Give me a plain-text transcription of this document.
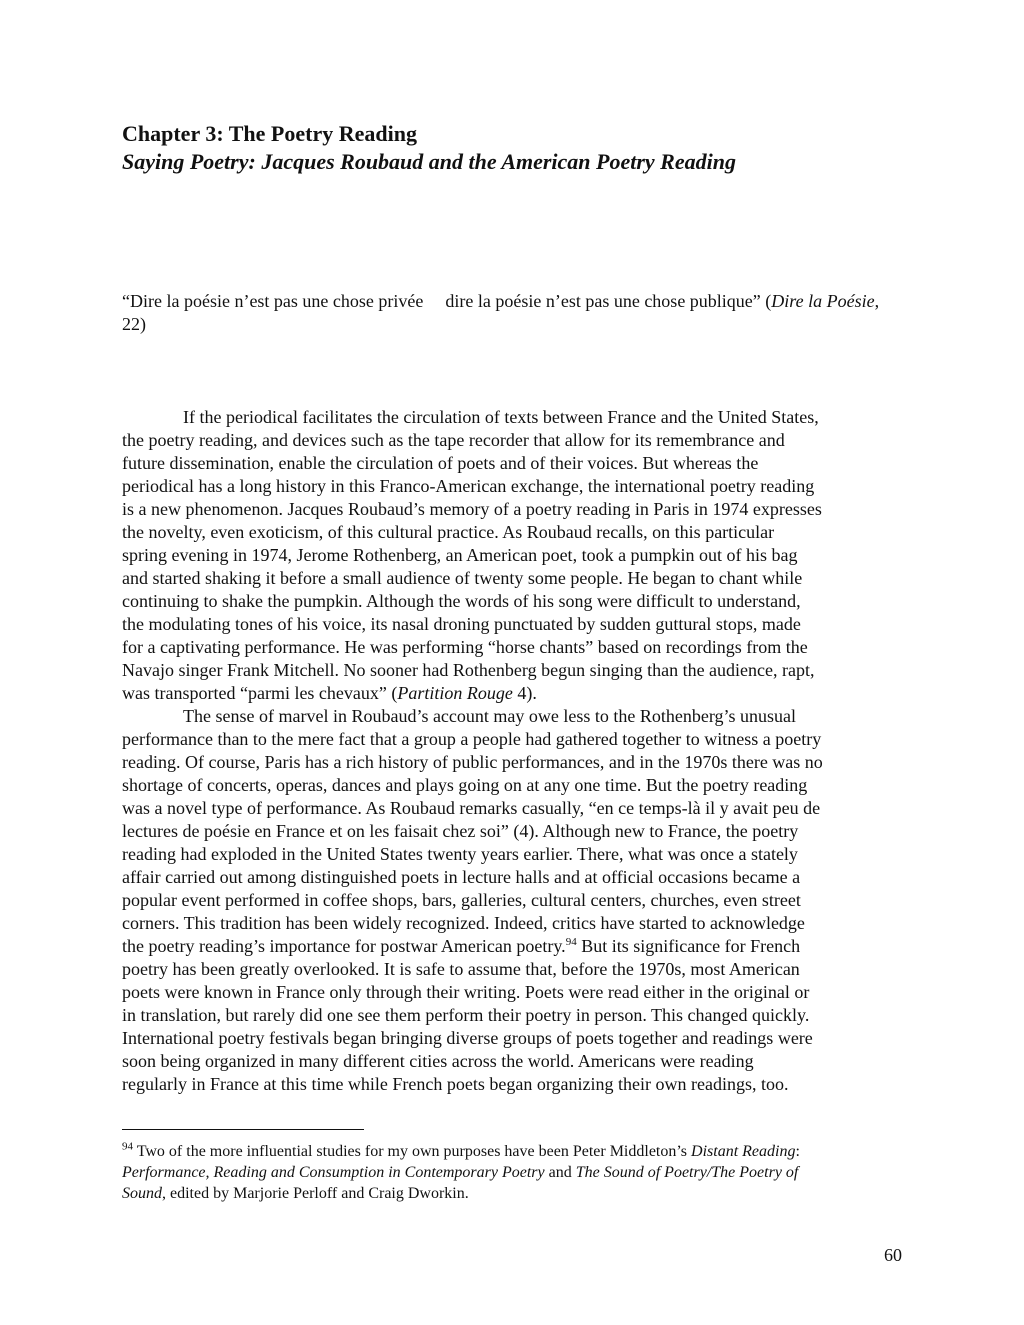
Chapter 3: The Poetry Reading
Saying Poetry: Jacques Roubaud and the American Poetry Reading
“Dire la poésie n’est pas une chose privée dire la poésie n’est pas une chose publique” (Dire la Poésie, 22)

If the periodical facilitates the circulation of texts between France and the United States,
the poetry reading, and devices such as the tape recorder that allow for its remembrance and
future dissemination, enable the circulation of poets and of their voices. But whereas the
periodical has a long history in this Franco-American exchange, the international poetry reading
is a new phenomenon. Jacques Roubaud’s memory of a poetry reading in Paris in 1974 expresses
the novelty, even exoticism, of this cultural practice. As Roubaud recalls, on this particular
spring evening in 1974, Jerome Rothenberg, an American poet, took a pumpkin out of his bag
and started shaking it before a small audience of twenty some people. He began to chant while
continuing to shake the pumpkin. Although the words of his song were difficult to understand,
the modulating tones of his voice, its nasal droning punctuated by sudden guttural stops, made
for a captivating performance. He was performing “horse chants” based on recordings from the
Navajo singer Frank Mitchell. No sooner had Rothenberg begun singing than the audience, rapt,
was transported “parmi les chevaux” (Partition Rouge 4).

The sense of marvel in Roubaud’s account may owe less to the Rothenberg’s unusual
performance than to the mere fact that a group a people had gathered together to witness a poetry
reading. Of course, Paris has a rich history of public performances, and in the 1970s there was no
shortage of concerts, operas, dances and plays going on at any one time. But the poetry reading
was a novel type of performance. As Roubaud remarks casually, “en ce temps-là il y avait peu de
lectures de poésie en France et on les faisait chez soi” (4). Although new to France, the poetry
reading had exploded in the United States twenty years earlier. There, what was once a stately
affair carried out among distinguished poets in lecture halls and at official occasions became a
popular event performed in coffee shops, bars, galleries, cultural centers, churches, even street
corners. This tradition has been widely recognized. Indeed, critics have started to acknowledge
the poetry reading’s importance for postwar American poetry.$^{94}$ But its significance for French
poetry has been greatly overlooked. It is safe to assume that, before the 1970s, most American
poets were known in France only through their writing. Poets were read either in the original or
in translation, but rarely did one see them perform their poetry in person. This changed quickly.
International poetry festivals began bringing diverse groups of poets together and readings were
soon being organized in many different cities across the world. Americans were reading
regularly in France at this time while French poets began organizing their own readings, too.

$^{94}$ Two of the more influential studies for my own purposes have been Peter Middleton’s Distant Reading:
Performance, Reading and Consumption in Contemporary Poetry and The Sound of Poetry/The Poetry of
Sound, edited by Marjorie Perloff and Craig Dworkin.
60
